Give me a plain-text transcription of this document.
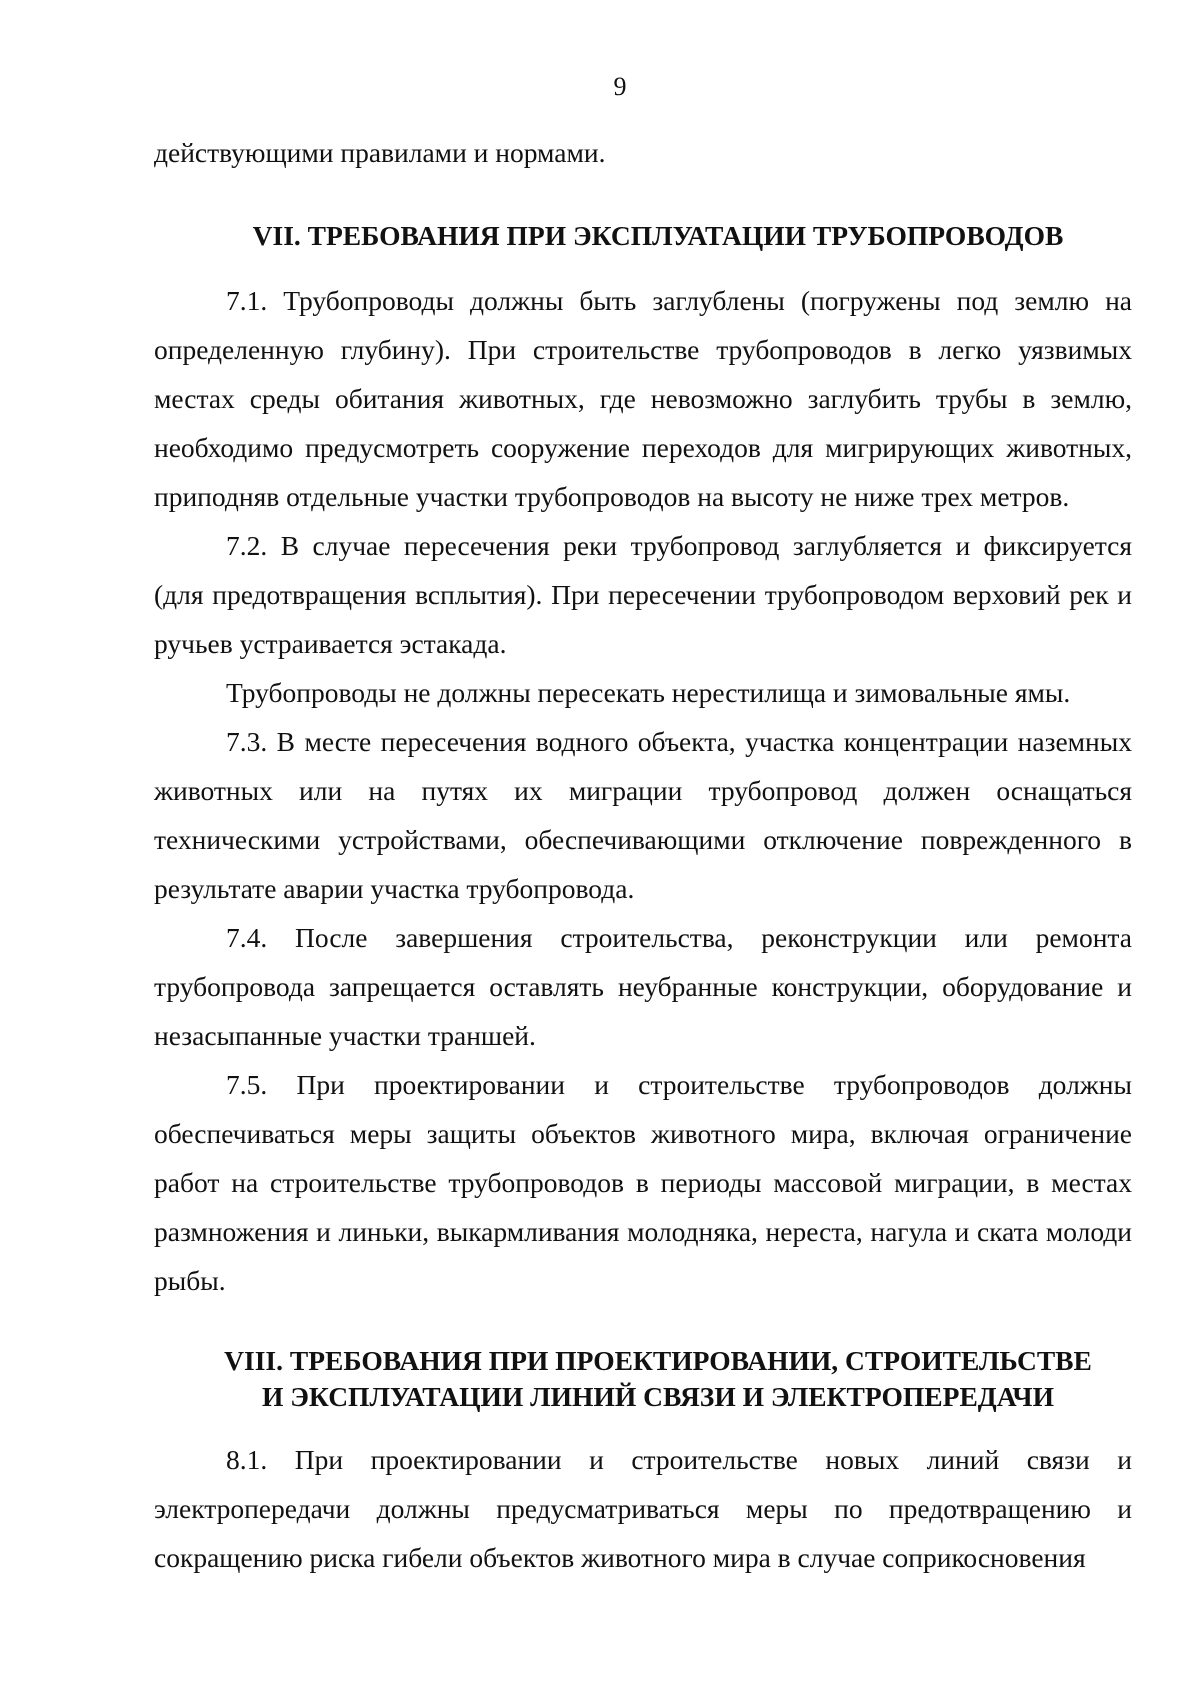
9

действующими правилами и нормами.

VII. ТРЕБОВАНИЯ ПРИ ЭКСПЛУАТАЦИИ ТРУБОПРОВОДОВ

7.1. Трубопроводы должны быть заглублены (погружены под землю на определенную глубину). При строительстве трубопроводов в легко уязвимых местах среды обитания животных, где невозможно заглубить трубы в землю, необходимо предусмотреть сооружение переходов для мигрирующих животных, приподняв отдельные участки трубопроводов на высоту не ниже трех метров.

7.2. В случае пересечения реки трубопровод заглубляется и фиксируется (для предотвращения всплытия). При пересечении трубопроводом верховий рек и ручьев устраивается эстакада.

Трубопроводы не должны пересекать нерестилища и зимовальные ямы.

7.3. В месте пересечения водного объекта, участка концентрации наземных животных или на путях их миграции трубопровод должен оснащаться техническими устройствами, обеспечивающими отключение поврежденного в результате аварии участка трубопровода.

7.4. После завершения строительства, реконструкции или ремонта трубопровода запрещается оставлять неубранные конструкции, оборудование и незасыпанные участки траншей.

7.5. При проектировании и строительстве трубопроводов должны обеспечиваться меры защиты объектов животного мира, включая ограничение работ на строительстве трубопроводов в периоды массовой миграции, в местах размножения и линьки, выкармливания молодняка, нереста, нагула и ската молоди рыбы.

VIII. ТРЕБОВАНИЯ ПРИ ПРОЕКТИРОВАНИИ, СТРОИТЕЛЬСТВЕ
И ЭКСПЛУАТАЦИИ ЛИНИЙ СВЯЗИ И ЭЛЕКТРОПЕРЕДАЧИ

8.1. При проектировании и строительстве новых линий связи и электропередачи должны предусматриваться меры по предотвращению и сокращению риска гибели объектов животного мира в случае соприкосновения
